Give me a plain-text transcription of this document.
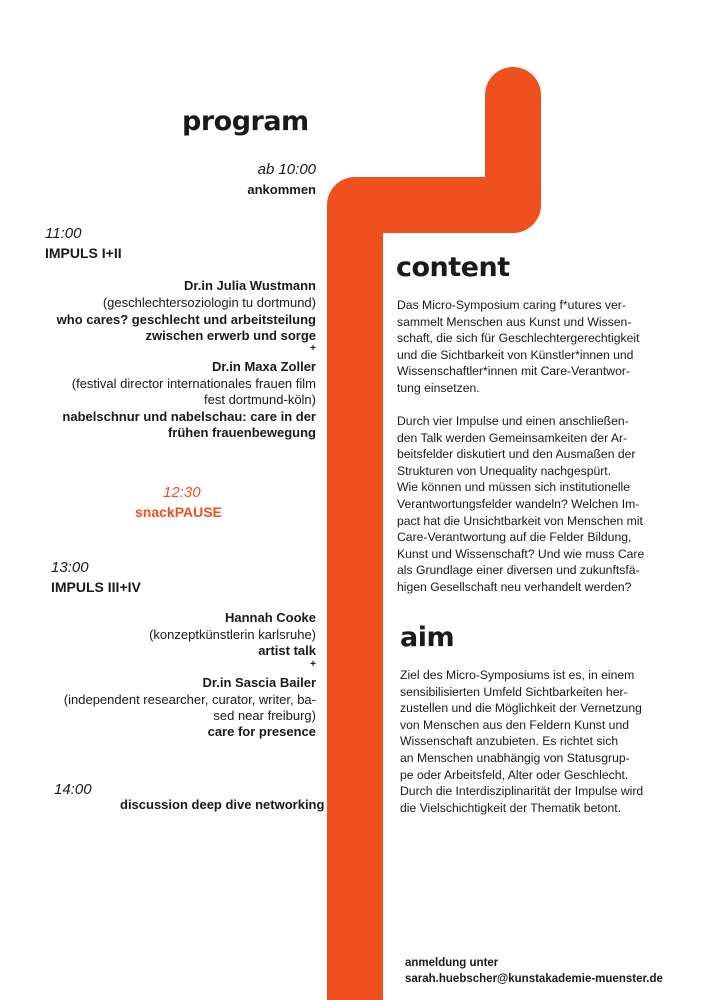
program
ab 10:00
ankommen
11:00
IMPULS I+II
Dr.in Julia Wustmann
(geschlechtersoziologin tu dortmund)
who cares? geschlecht und arbeitsteilung
zwischen erwerb und sorge
+
Dr.in Maxa Zoller
(festival director internationales frauen film
fest dortmund-köln)
nabelschnur und nabelschau: care in der
frühen frauenbewegung
12:30
snackPAUSE
13:00
IMPULS III+IV
Hannah Cooke
(konzeptkünstlerin karlsruhe)
artist talk
+
Dr.in Sascia Bailer
(independent researcher, curator, writer, ba-
sed near freiburg)
care for presence
14:00
discussion deep dive networking
content
Das Micro-Symposium caring f*utures ver-
sammelt Menschen aus Kunst und Wissen-
schaft, die sich für Geschlechtergerechtigkeit
und die Sichtbarkeit von Künstler*innen und
Wissenschaftler*innen mit Care-Verantwor-
tung einsetzen.
Durch vier Impulse und einen anschließen-
den Talk werden Gemeinsamkeiten der Ar-
beitsfelder diskutiert und den Ausmaßen der
Strukturen von Unequality nachgespürt.
Wie können und müssen sich institutionelle
Verantwortungsfelder wandeln? Welchen Im-
pact hat die Unsichtbarkeit von Menschen mit
Care-Verantwortung auf die Felder Bildung,
Kunst und Wissenschaft? Und wie muss Care
als Grundlage einer diversen und zukunftsfä-
higen Gesellschaft neu verhandelt werden?
aim
Ziel des Micro-Symposiums ist es, in einem
sensibilisierten Umfeld Sichtbarkeiten her-
zustellen und die Möglichkeit der Vernetzung
von Menschen aus den Feldern Kunst und
Wissenschaft anzubieten. Es richtet sich
an Menschen unabhängig von Statusgrup-
pe oder Arbeitsfeld, Alter oder Geschlecht.
Durch die Interdisziplinarität der Impulse wird
die Vielschichtigkeit der Thematik betont.
anmeldung unter
sarah.huebscher@kunstakademie-muenster.de
